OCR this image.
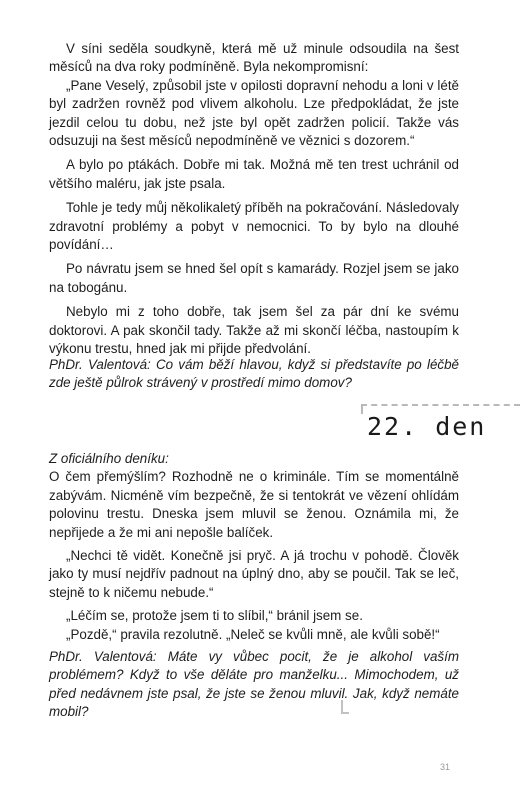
V síni seděla soudkyně, která mě už minule odsoudila na šest měsíců na dva roky podmíněně. Byla nekompromisní:

„Pane Veselý, způsobil jste v opilosti dopravní nehodu a loni v létě byl zadržen rovněž pod vlivem alkoholu. Lze předpokládat, že jste jezdil celou tu dobu, než jste byl opět zadržen policií. Takže vás odsuzuji na šest měsíců nepodmíněně ve věznici s dozorem.“

A bylo po ptákách. Dobře mi tak. Možná mě ten trest uchránil od většího maléru, jak jste psala.

Tohle je tedy můj několikaletý příběh na pokračování. Následovaly zdravotní problémy a pobyt v nemocnici. To by bylo na dlouhé povídání…

Po návratu jsem se hned šel opít s kamarády. Rozjel jsem se jako na tobogánu.

Nebylo mi z toho dobře, tak jsem šel za pár dní ke svému doktorovi. A pak skončil tady. Takže až mi skončí léčba, nastoupím k výkonu trestu, hned jak mi přijde předvolání.

PhDr. Valentová: Co vám běží hlavou, když si představíte po léčbě zde ještě půlrok strávený v prostředí mimo domov?

22. den

Z oficiálního deníku:

O čem přemýšlím? Rozhodně ne o kriminále. Tím se momentálně zabývám. Nicméně vím bezpečně, že si tentokrát ve vězení ohlídám polovinu trestu. Dneska jsem mluvil se ženou. Oznámila mi, že nepřijede a že mi ani nepošle balíček.

„Nechci tě vidět. Konečně jsi pryč. A já trochu v pohodě. Člověk jako ty musí nejdřív padnout na úplný dno, aby se poučil. Tak se leč, stejně to k ničemu nebude.“

„Léčím se, protože jsem ti to slíbil,“ bránil jsem se.

„Pozdě,“ pravila rezolutně. „Neleč se kvůli mně, ale kvůli sobě!“

PhDr. Valentová: Máte vy vůbec pocit, že je alkohol vaším problémem? Když to vše děláte pro manželku... Mimochodem, už před nedávnem jste psal, že jste se ženou mluvil. Jak, když nemáte mobil?

31
